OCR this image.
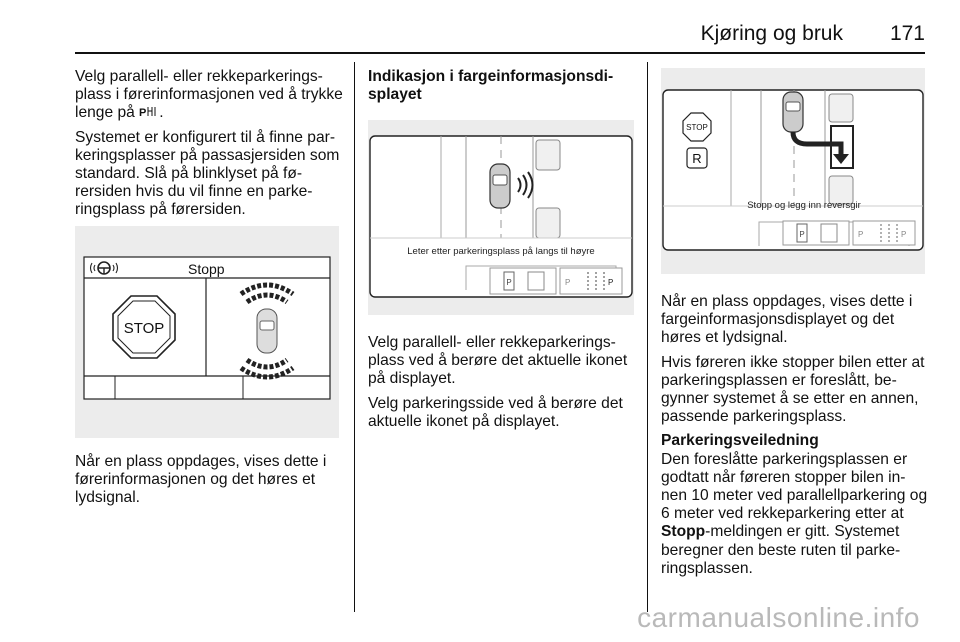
Kjøring og bruk 171

Velg parallell- eller rekkeparkerings-plass i førerinformasjonen ved å trykke lenge på P .

Systemet er konfigurert til å finne par-keringsplasser på passasjersiden som standard. Slå på blinklyset på fø-rersiden hvis du vil finne en parke-ringsplass på førersiden.

Stopp
STOP

Når en plass oppdages, vises dette i førerinformasjonen og det høres et lydsignal.

Indikasjon i fargeinformasjonsdi-splayet
Leter etter parkeringsplass på langs til høyre
P	P	P

Velg parallell- eller rekkeparkerings-plass ved å berøre det aktuelle ikonet på displayet.

Velg parkeringsside ved å berøre det aktuelle ikonet på displayet.

STOP
R
Stopp og legg inn reversgir
P	P	P

Når en plass oppdages, vises dette i fargeinformasjonsdisplayet og det høres et lydsignal.

Hvis føreren ikke stopper bilen etter at parkeringsplassen er foreslått, be-gynner systemet å se etter en annen, passende parkeringsplass.

Parkeringsveiledning

Den foreslåtte parkeringsplassen er godtatt når føreren stopper bilen in-nen 10 meter ved parallellparkering og 6 meter ved rekkeparkering etter at Stopp-meldingen er gitt. Systemet beregner den beste ruten til parke-ringsplassen.

carmanualsonline.info
